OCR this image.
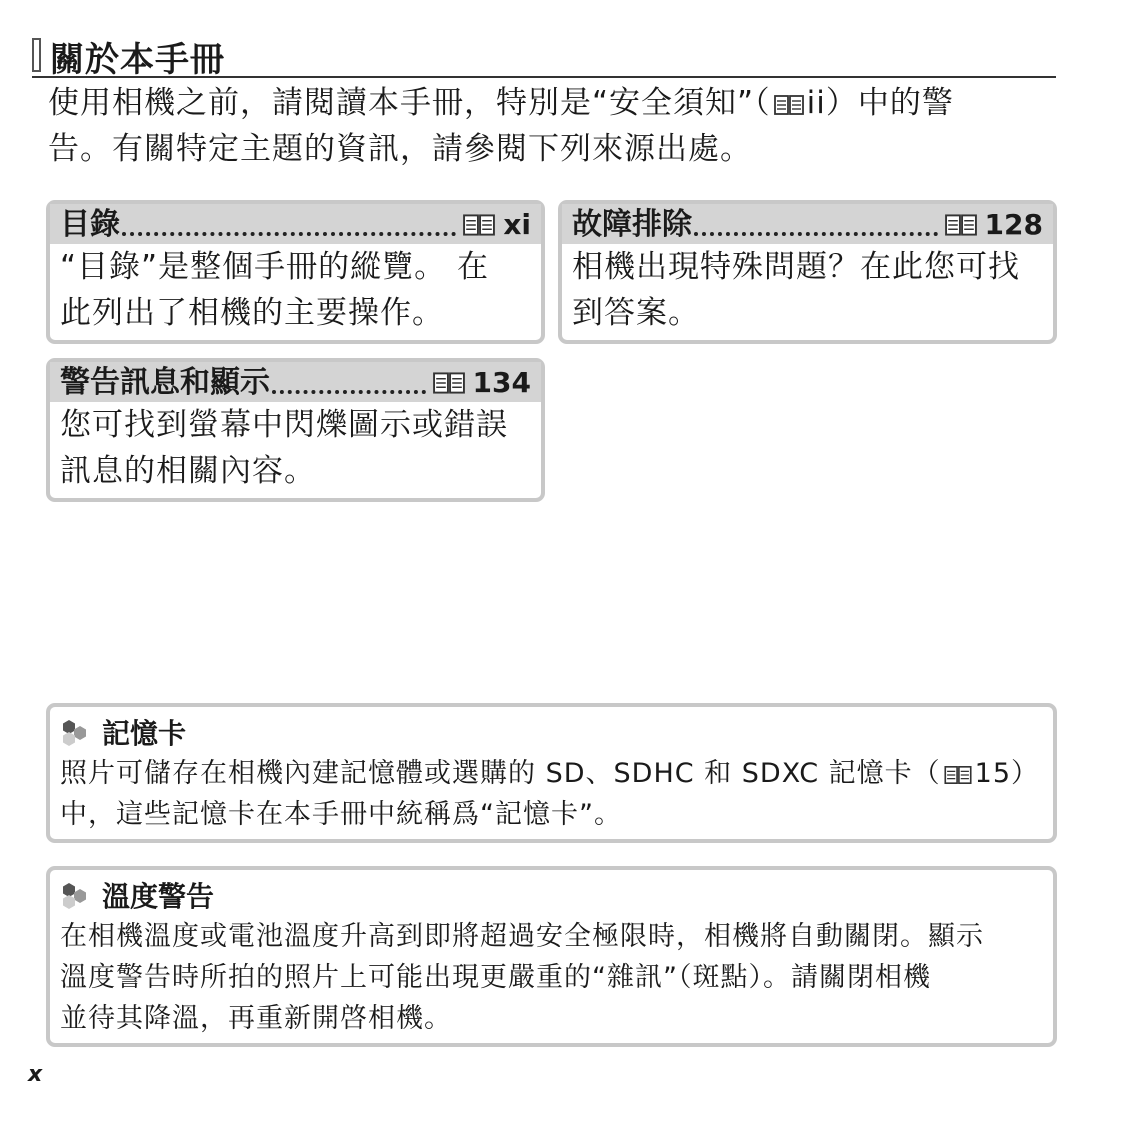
關於本手冊
使用相機之前，請閱讀本手冊，特別是“安全須知”（ ii）中的警
告。有關特定主題的資訊，請參閱下列來源出處。
目錄	xi
“目錄”是整個手冊的縱覽。 在
此列出了相機的主要操作。
故障排除	128
相機出現特殊問題？在此您可找
到答案。
警告訊息和顯示	134
您可找到螢幕中閃爍圖示或錯誤
訊息的相關內容。
記憶卡
照片可儲存在相機內建記憶體或選購的 SD、SDHC 和 SDXC 記憶卡（ 15）
中，這些記憶卡在本手冊中統稱爲“記憶卡”。
溫度警告
在相機溫度或電池溫度升高到即將超過安全極限時，相機將自動關閉。顯示
溫度警告時所拍的照片上可能出現更嚴重的“雜訊”（斑點）。請關閉相機
並待其降溫，再重新開啓相機。
x
